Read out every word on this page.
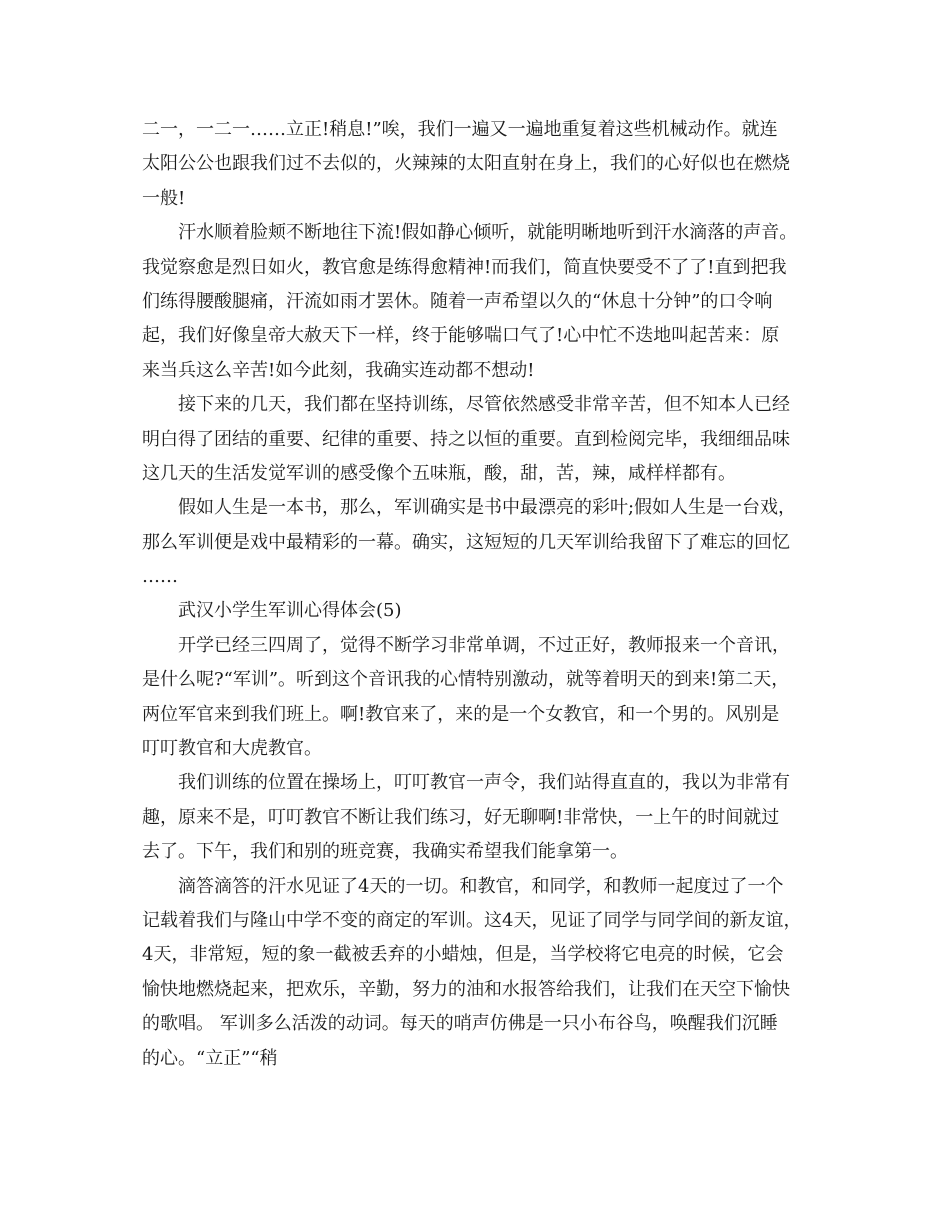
二一，一二一……立正!稍息!”唉，我们一遍又一遍地重复着这些机械动作。就连
太阳公公也跟我们过不去似的，火辣辣的太阳直射在身上，我们的心好似也在燃烧
一般!
汗水顺着脸颊不断地往下流!假如静心倾听，就能明晰地听到汗水滴落的声音。
我觉察愈是烈日如火，教官愈是练得愈精神!而我们，简直快要受不了了!直到把我
们练得腰酸腿痛，汗流如雨才罢休。随着一声希望以久的“休息十分钟”的口令响
起，我们好像皇帝大赦天下一样，终于能够喘口气了!心中忙不迭地叫起苦来：原
来当兵这么辛苦!如今此刻，我确实连动都不想动!
接下来的几天，我们都在坚持训练，尽管依然感受非常辛苦，但不知本人已经
明白得了团结的重要、纪律的重要、持之以恒的重要。直到检阅完毕，我细细品味
这几天的生活发觉军训的感受像个五味瓶，酸，甜，苦，辣，咸样样都有。
假如人生是一本书，那么，军训确实是书中最漂亮的彩叶;假如人生是一台戏，
那么军训便是戏中最精彩的一幕。确实，这短短的几天军训给我留下了难忘的回忆
……
武汉小学生军训心得体会(5)
开学已经三四周了，觉得不断学习非常单调，不过正好，教师报来一个音讯，
是什么呢?“军训”。听到这个音讯我的心情特别激动，就等着明天的到来!第二天，
两位军官来到我们班上。啊!教官来了，来的是一个女教官，和一个男的。风别是
叮叮教官和大虎教官。
我们训练的位置在操场上，叮叮教官一声令，我们站得直直的，我以为非常有
趣，原来不是，叮叮教官不断让我们练习，好无聊啊!非常快，一上午的时间就过
去了。下午，我们和别的班竞赛，我确实希望我们能拿第一。
滴答滴答的汗水见证了4天的一切。和教官，和同学，和教师一起度过了一个
记载着我们与隆山中学不变的商定的军训。这4天，见证了同学与同学间的新友谊，
4天，非常短，短的象一截被丢弃的小蜡烛，但是，当学校将它电亮的时候，它会
愉快地燃烧起来，把欢乐，辛勤，努力的油和水报答给我们，让我们在天空下愉快
的歌唱。 军训多么活泼的动词。每天的哨声仿佛是一只小布谷鸟，唤醒我们沉睡
的心。“立正”“稍
